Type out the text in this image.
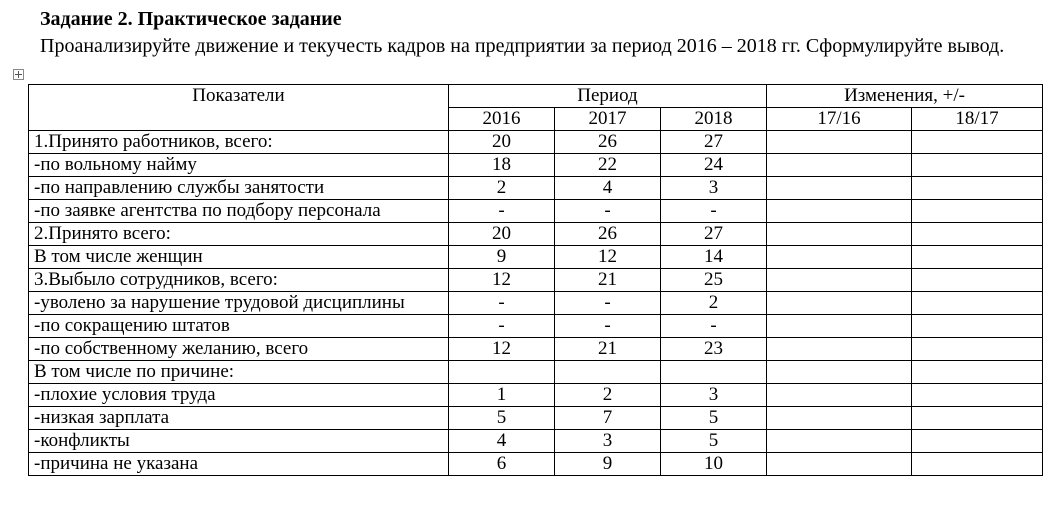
Задание 2. Практическое задание
Проанализируйте движение и текучесть кадров на предприятии за период 2016 – 2018 гг. Сформулируйте вывод.
Показатели	Период			Изменения, +/-	
	2016	2017	2018	17/16	18/17
1.Принято работников, всего:	20	26	27		
-по вольному найму	18	22	24		
-по направлению службы занятости	2	4	3		
-по заявке агентства по подбору персонала	-	-	-		
2.Принято всего:	20	26	27		
В том числе женщин	9	12	14		
3.Выбыло сотрудников, всего:	12	21	25		
-уволено за нарушение трудовой дисциплины	-	-	2		
-по сокращению штатов	-	-	-		
-по собственному желанию, всего	12	21	23		
В том числе по причине:					
-плохие условия труда	1	2	3		
-низкая зарплата	5	7	5		
-конфликты	4	3	5		
-причина не указана	6	9	10		
